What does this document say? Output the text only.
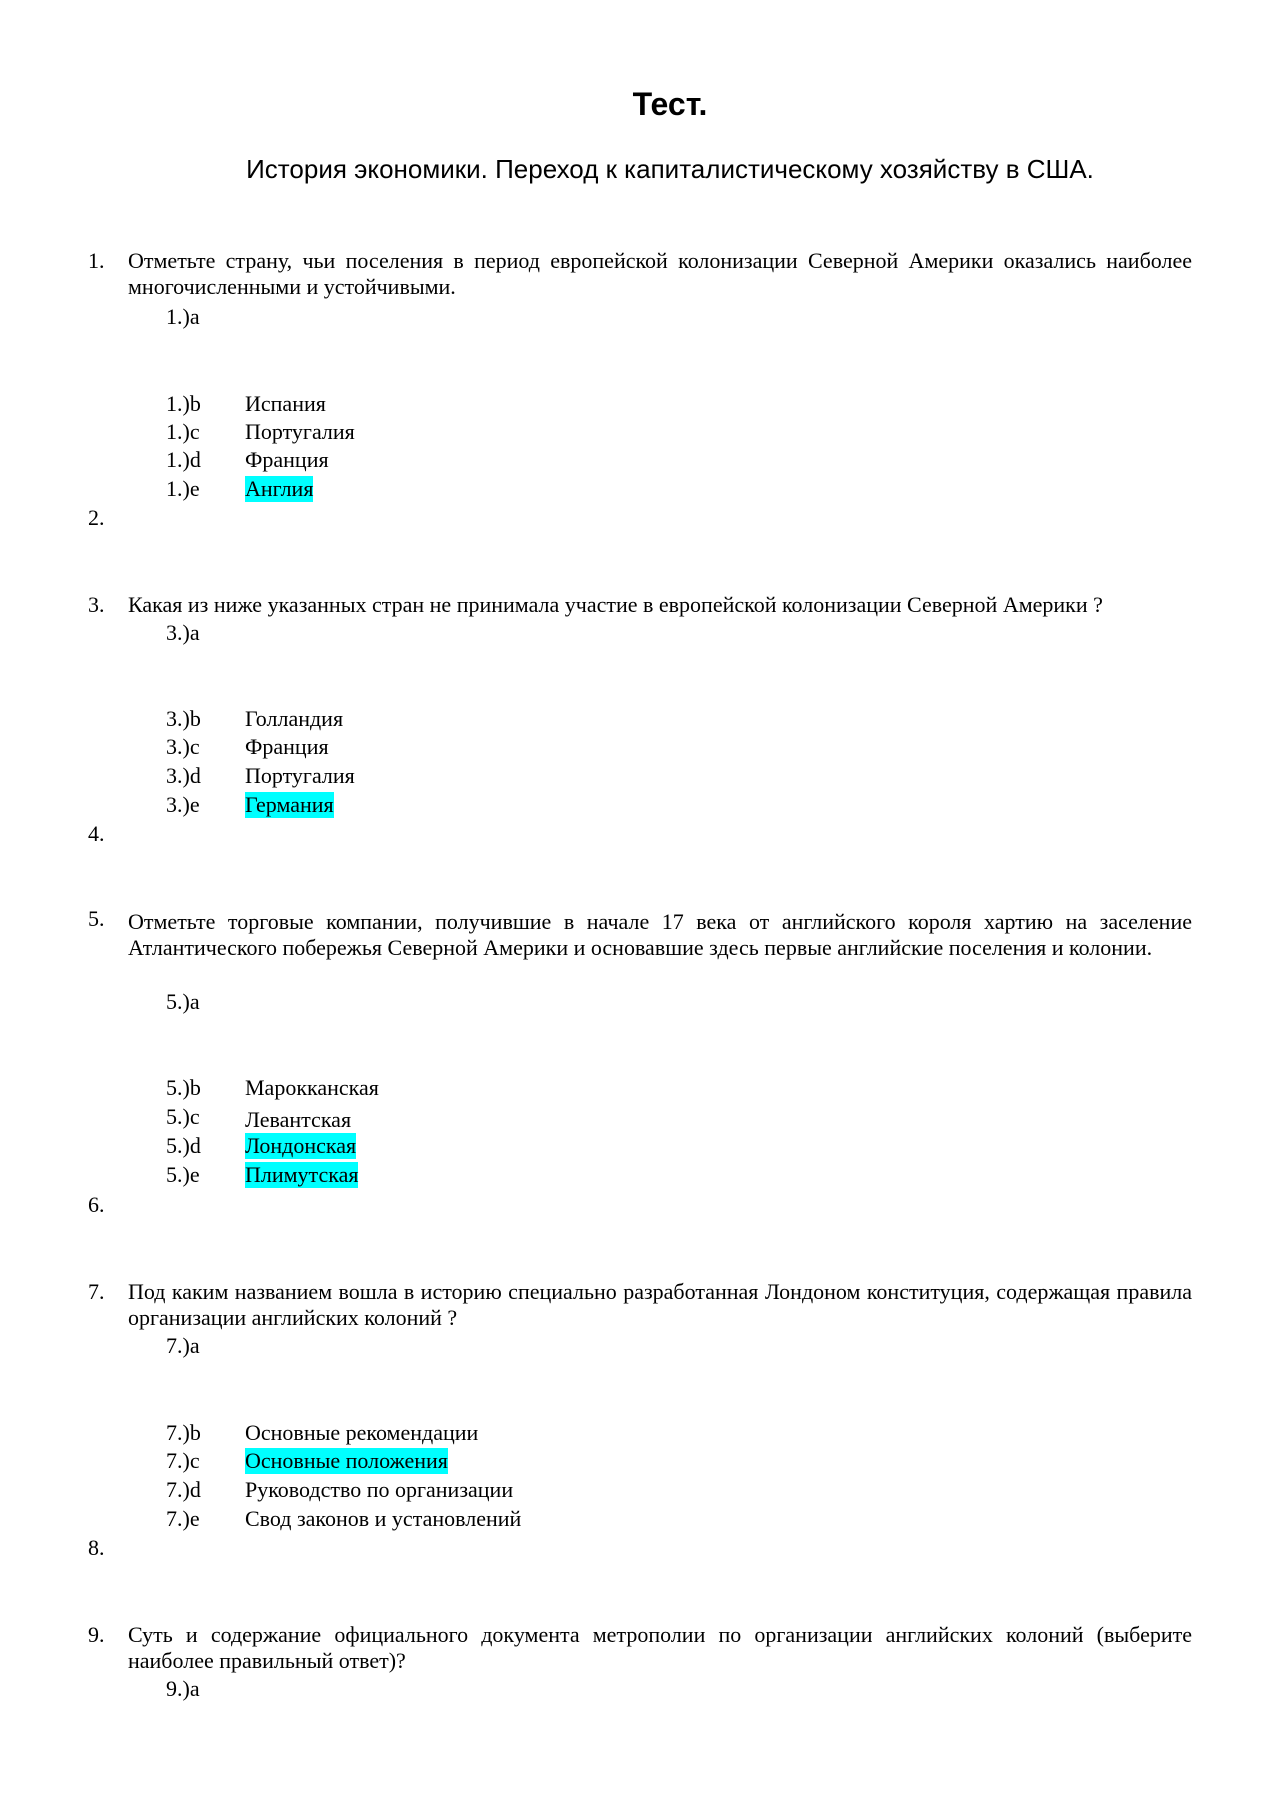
Тест.
История экономики. Переход к капиталистическому хозяйству в США.
1. Отметьте страну, чьи поселения в период европейской колонизации Северной Америки оказались наиболее многочисленными и устойчивыми.
1.)a
1.)b Испания
1.)c Португалия
1.)d Франция
1.)e Англия
2.
3. Какая из ниже указанных стран не принимала участие в европейской колонизации Северной Америки ?
3.)a
3.)b Голландия
3.)c Франция
3.)d Португалия
3.)e Германия
4.
5. Отметьте торговые компании, получившие в начале 17 века от английского короля хартию на заселение Атлантического побережья Северной Америки и основавшие здесь первые английские поселения и колонии.
5.)a
5.)b Марокканская
5.)c Левантская
5.)d Лондонская
5.)e Плимутская
6.
7. Под каким названием вошла в историю специально разработанная Лондоном конституция, содержащая правила организации английских колоний ?
7.)a
7.)b Основные рекомендации
7.)c Основные положения
7.)d Руководство по организации
7.)e Свод законов и установлений
8.
9. Суть и содержание официального документа метрополии по организации английских колоний (выберите наиболее правильный ответ)?
9.)a
